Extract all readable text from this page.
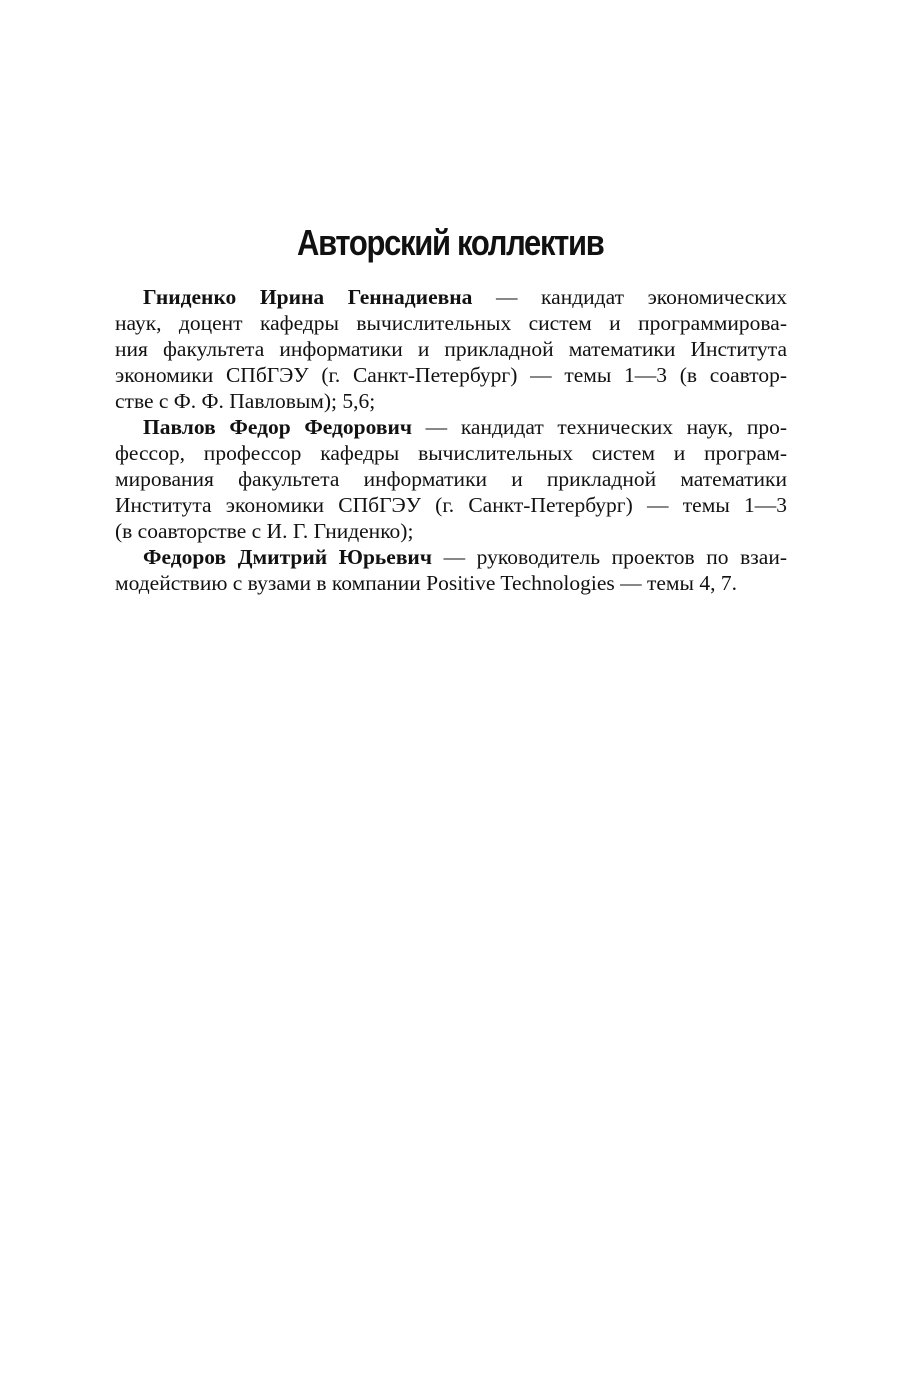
Авторский коллектив
Гниденко Ирина Геннадиевна — кандидат экономических
наук, доцент кафедры вычислительных систем и программирова-
ния факультета информатики и прикладной математики Института
экономики СПбГЭУ (г. Санкт-Петербург) — темы 1—3 (в соавтор-
стве с Ф. Ф. Павловым); 5,6;
Павлов Федор Федорович — кандидат технических наук, про-
фессор, профессор кафедры вычислительных систем и програм-
мирования факультета информатики и прикладной математики
Института экономики СПбГЭУ (г. Санкт-Петербург) — темы 1—3
(в соавторстве с И. Г. Гниденко);
Федоров Дмитрий Юрьевич — руководитель проектов по взаи-
модействию с вузами в компании Positive Technologies — темы 4, 7.
